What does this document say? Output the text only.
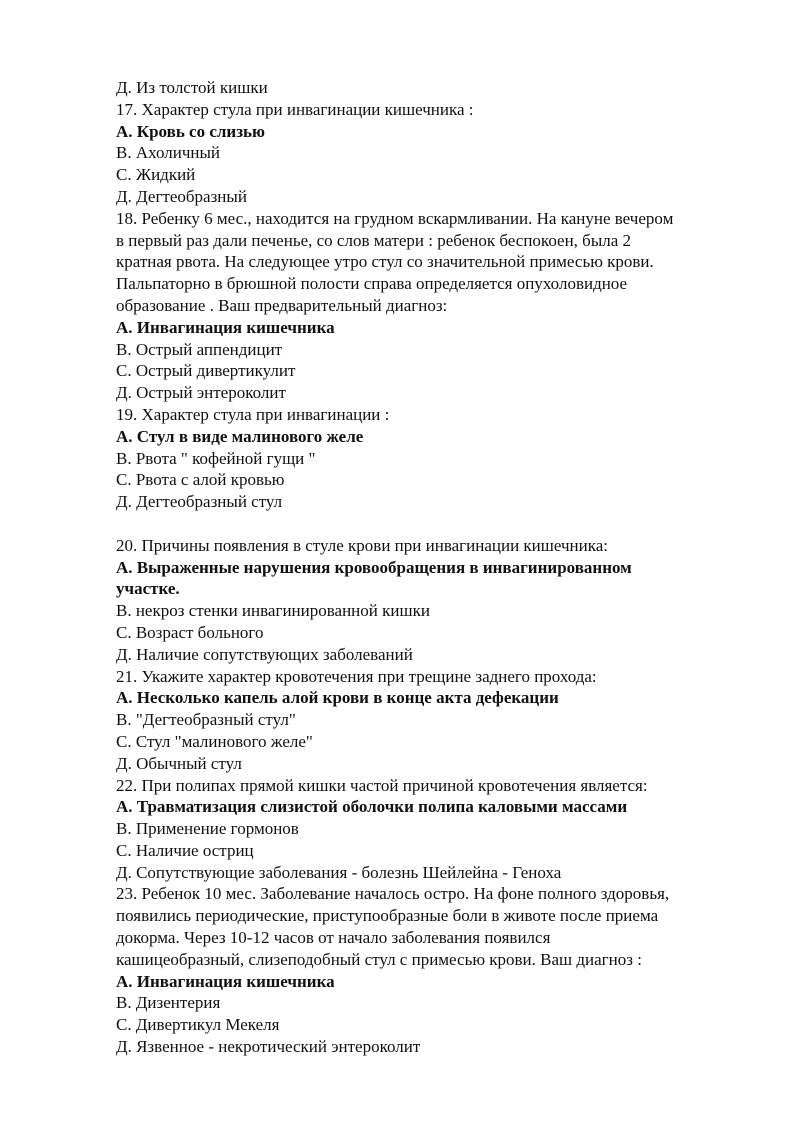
Д. Из толстой кишки
17. Характер стула при инвагинации кишечника :
А. Кровь со слизью
В. Ахоличный
С. Жидкий
Д. Дегтеобразный
18. Ребенку 6 мес., находится на грудном вскармливании. На кануне вечером
в первый раз дали печенье, со слов матери : ребенок беспокоен, была 2
кратная рвота. На следующее утро стул со значительной примесью крови.
Пальпаторно в брюшной полости справа определяется опухоловидное
образование . Ваш предварительный диагноз:
А. Инвагинация кишечника
В. Острый аппендицит
С. Острый дивертикулит
Д. Острый энтероколит
19. Характер стула при инвагинации :
А. Стул в виде малинового желе
В. Рвота " кофейной гущи "
С. Рвота с алой кровью
Д. Дегтеобразный стул
20. Причины появления в стуле крови при инвагинации кишечника:
А. Выраженные нарушения кровообращения в инвагинированном
участке.
В. некроз стенки инвагинированной кишки
С. Возраст больного
Д. Наличие сопутствующих заболеваний
21. Укажите характер кровотечения при трещине заднего прохода:
А. Несколько капель алой крови в конце акта дефекации
В. "Дегтеобразный стул"
С. Стул "малинового желе"
Д. Обычный стул
22. При полипах прямой кишки частой причиной кровотечения является:
А. Травматизация слизистой оболочки полипа каловыми массами
В. Применение гормонов
С. Наличие остриц
Д. Сопутствующие заболевания - болезнь Шейлейна - Геноха
23. Ребенок 10 мес. Заболевание началось остро. На фоне полного здоровья,
появились периодические, приступообразные боли в животе после приема
докорма. Через 10-12 часов от начало заболевания появился
кашицеобразный, слизеподобный стул с примесью крови. Ваш диагноз :
А. Инвагинация кишечника
В. Дизентерия
С. Дивертикул Мекеля
Д. Язвенное - некротический энтероколит
